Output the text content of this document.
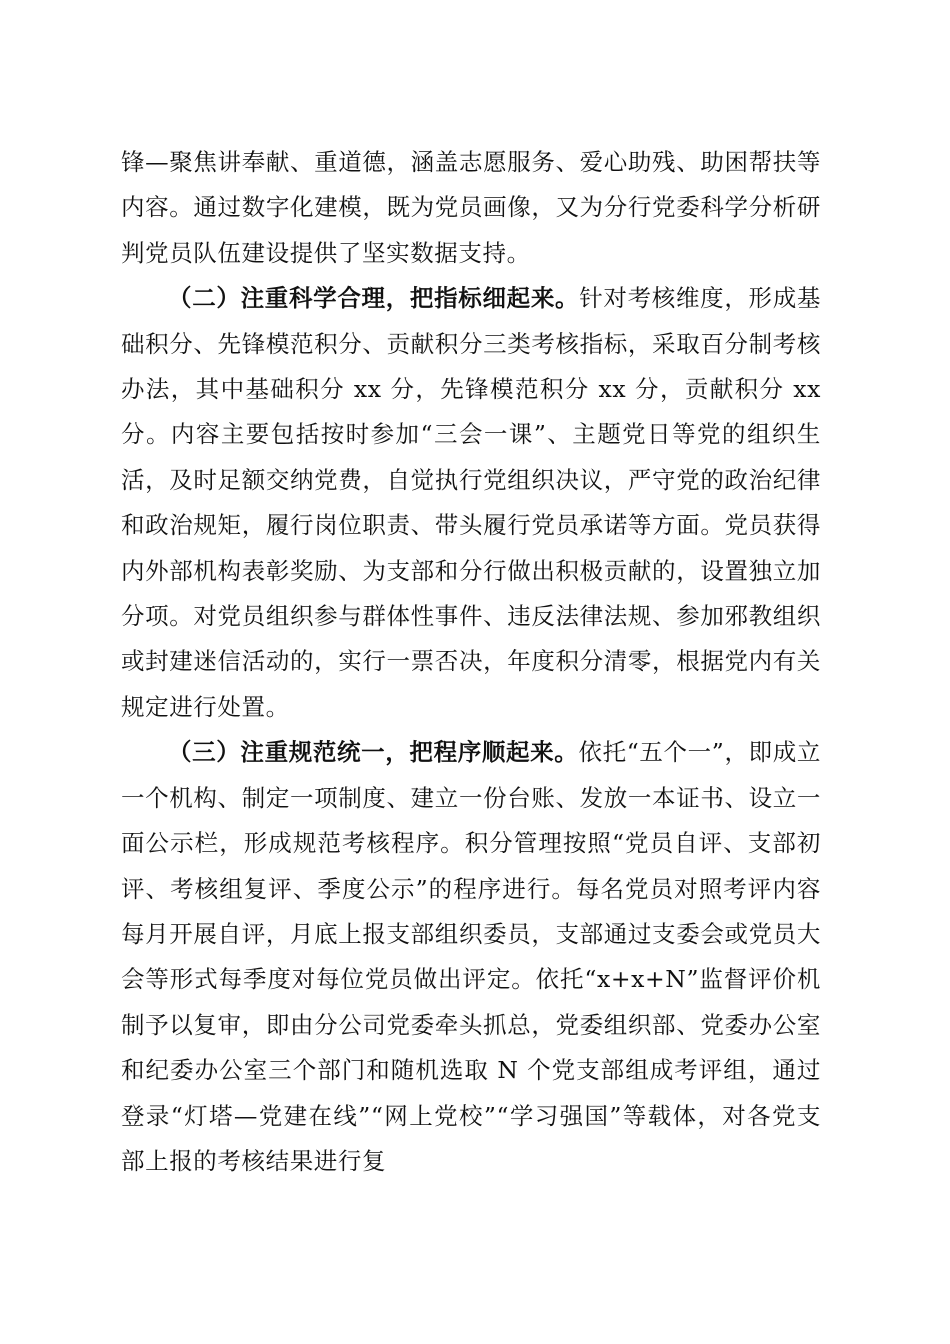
锋—聚焦讲奉献、重道德，涵盖志愿服务、爱心助残、助困帮扶等内容。通过数字化建模，既为党员画像，又为分行党委科学分析研判党员队伍建设提供了坚实数据支持。

（二）注重科学合理，把指标细起来。针对考核维度，形成基础积分、先锋模范积分、贡献积分三类考核指标，采取百分制考核办法，其中基础积分 xx 分，先锋模范积分 xx 分，贡献积分 xx 分。内容主要包括按时参加“三会一课”、主题党日等党的组织生活，及时足额交纳党费，自觉执行党组织决议，严守党的政治纪律和政治规矩，履行岗位职责、带头履行党员承诺等方面。党员获得内外部机构表彰奖励、为支部和分行做出积极贡献的，设置独立加分项。对党员组织参与群体性事件、违反法律法规、参加邪教组织或封建迷信活动的，实行一票否决，年度积分清零，根据党内有关规定进行处置。

（三）注重规范统一，把程序顺起来。依托“五个一”，即成立一个机构、制定一项制度、建立一份台账、发放一本证书、设立一面公示栏，形成规范考核程序。积分管理按照“党员自评、支部初评、考核组复评、季度公示”的程序进行。每名党员对照考评内容每月开展自评，月底上报支部组织委员，支部通过支委会或党员大会等形式每季度对每位党员做出评定。依托“x+x+N”监督评价机制予以复审，即由分公司党委牵头抓总，党委组织部、党委办公室和纪委办公室三个部门和随机选取 N 个党支部组成考评组，通过登录“灯塔—党建在线”“网上党校”“学习强国”等载体，对各党支部上报的考核结果进行复
